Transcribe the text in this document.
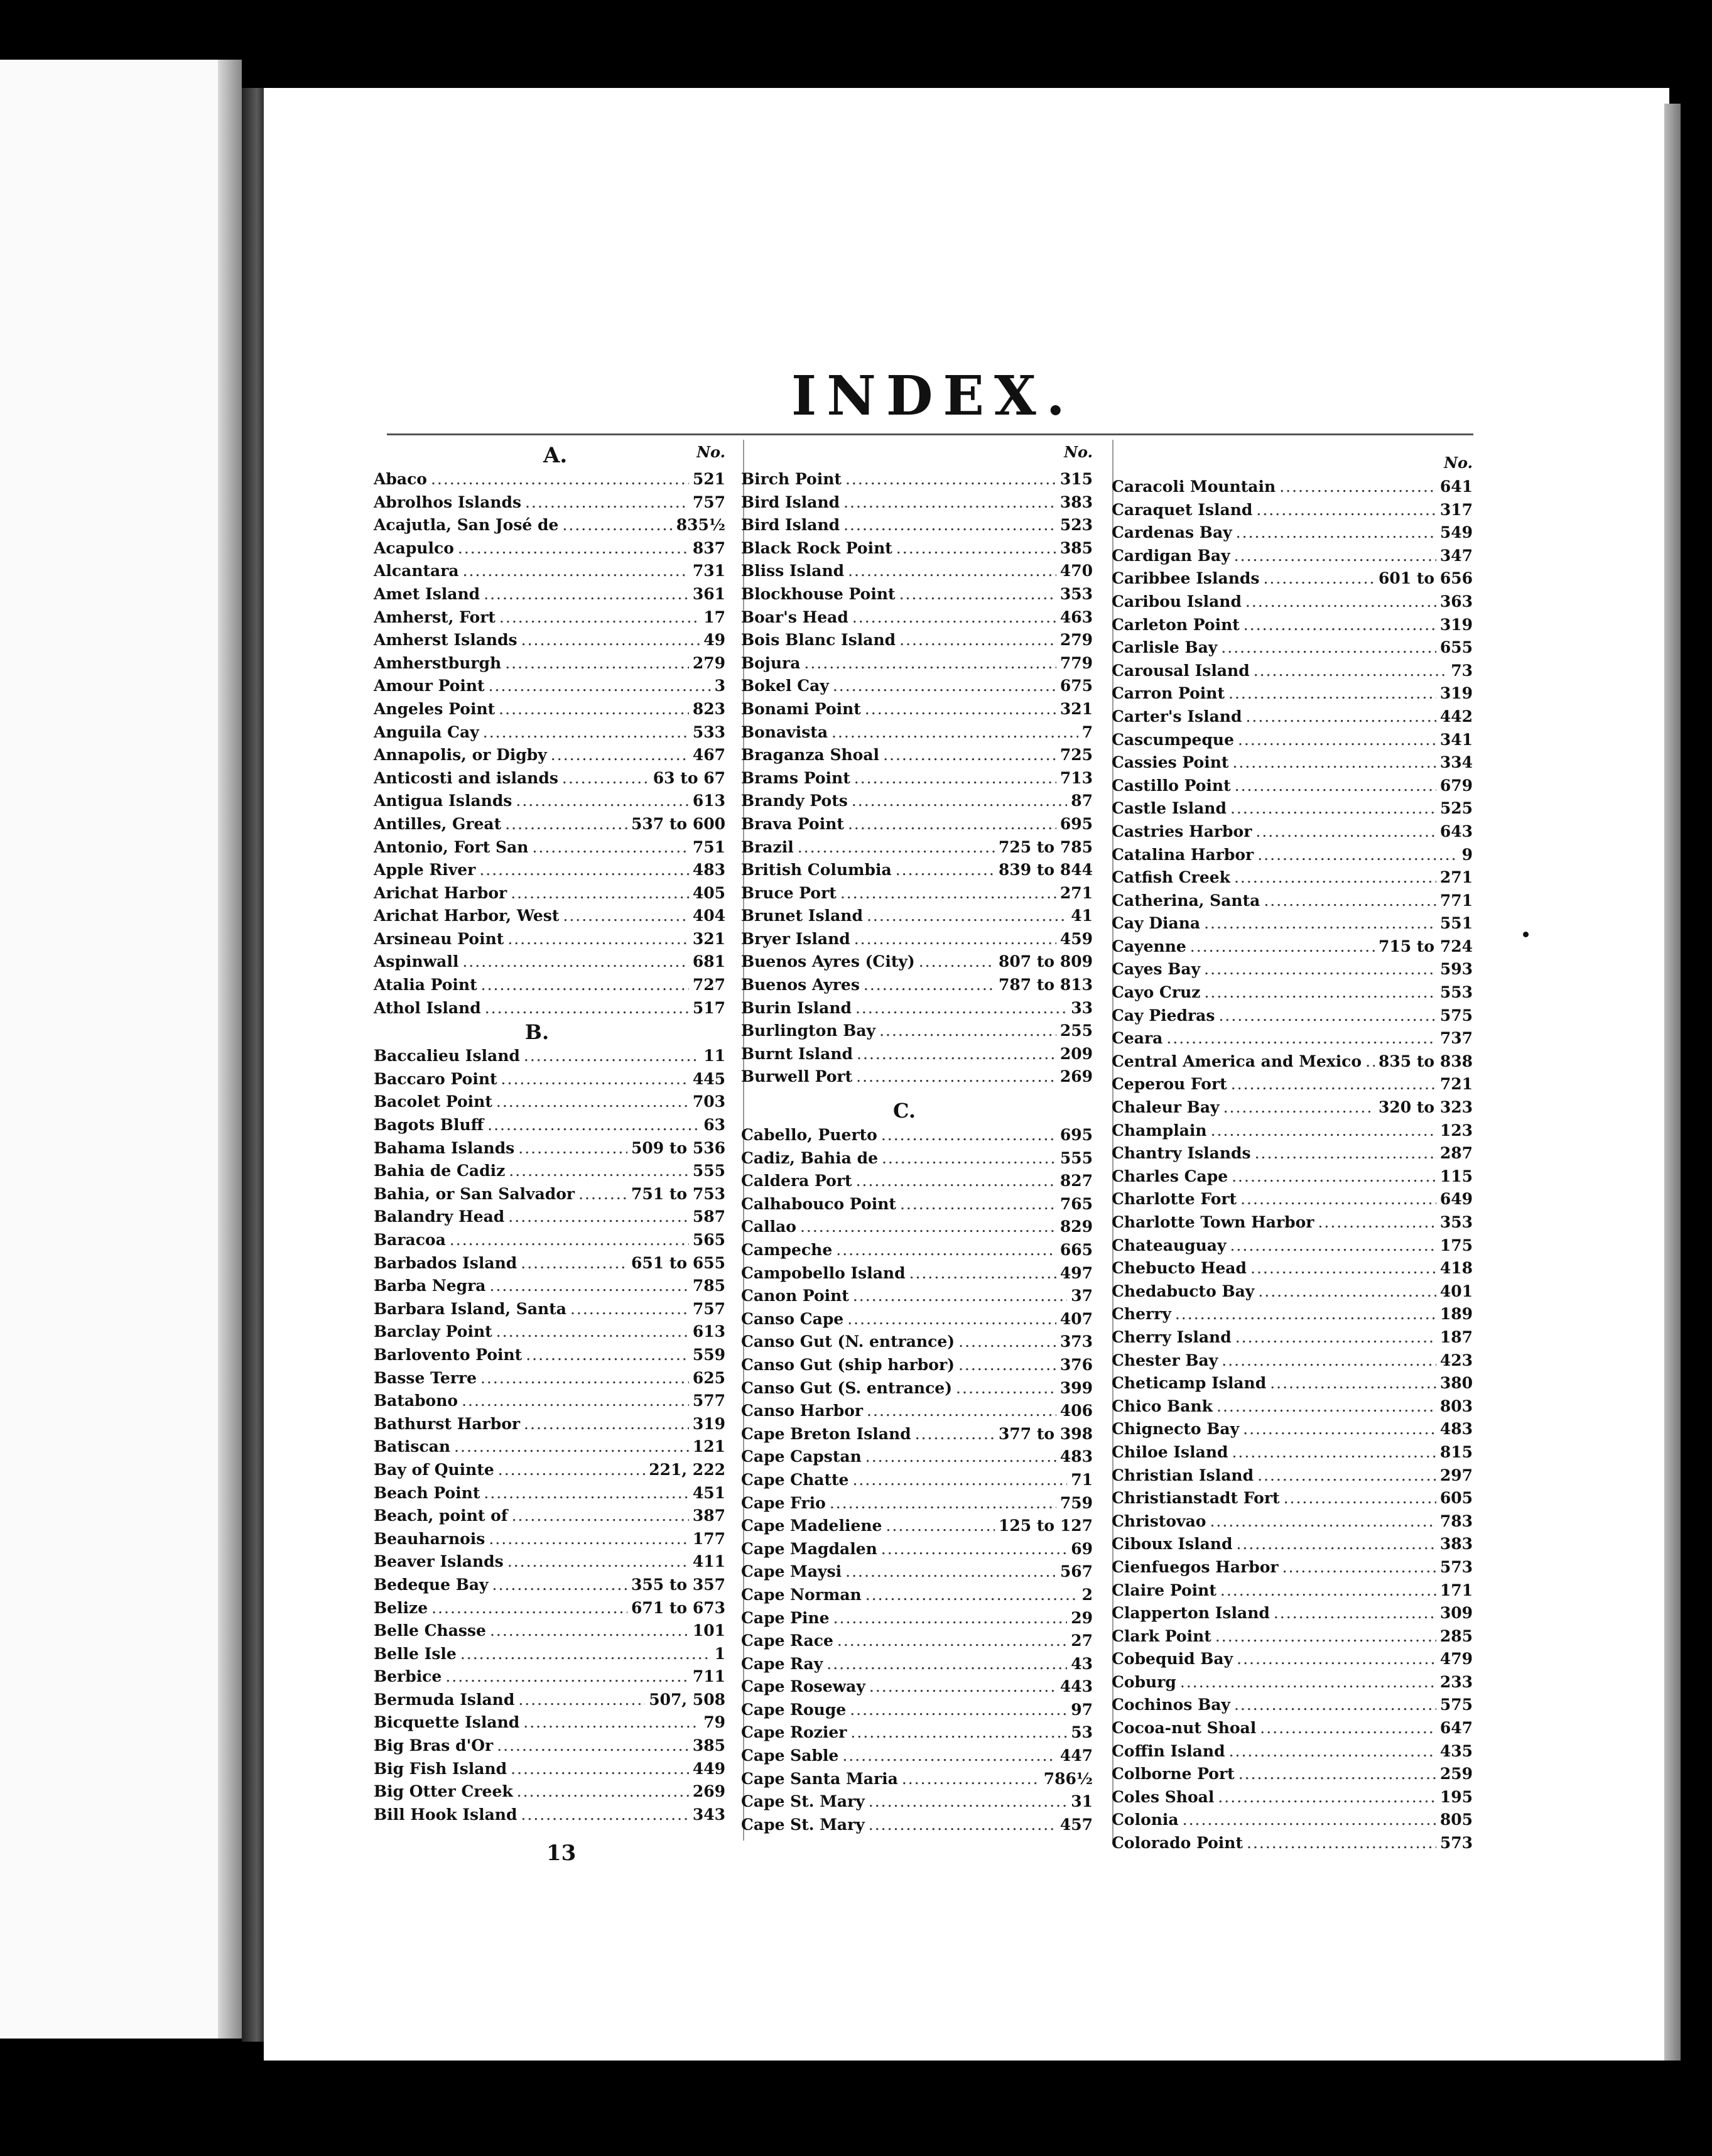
INDEX.
A.	No.
Abaco .....	521
Abrolhos Islands .....	757
Acajutla, San José de .....	835½
Acapulco .....	837
Alcantara .....	731
Amet Island .....	361
Amherst, Fort .....	17
Amherst Islands .....	49
Amherstburgh .....	279
Amour Point .....	3
Angeles Point .....	823
Anguila Cay .....	533
Annapolis, or Digby .....	467
Anticosti and islands .....	63 to 67
Antigua Islands .....	613
Antilles, Great .....	537 to 600
Antonio, Fort San .....	751
Apple River .....	483
Arichat Harbor .....	405
Arichat Harbor, West .....	404
Arsineau Point .....	321
Aspinwall .....	681
Atalia Point .....	727
Athol Island .....	517
B.
Baccalieu Island .....	11
Baccaro Point .....	445
Bacolet Point .....	703
Bagots Bluff .....	63
Bahama Islands .....	509 to 536
Bahia de Cadiz .....	555
Bahia, or San Salvador .....	751 to 753
Balandry Head .....	587
Baracoa .....	565
Barbados Island .....	651 to 655
Barba Negra .....	785
Barbara Island, Santa .....	757
Barclay Point .....	613
Barlovento Point .....	559
Basse Terre .....	625
Batabono .....	577
Bathurst Harbor .....	319
Batiscan .....	121
Bay of Quinte .....	221, 222
Beach Point .....	451
Beach, point of .....	387
Beauharnois .....	177
Beaver Islands .....	411
Bedeque Bay .....	355 to 357
Belize .....	671 to 673
Belle Chasse .....	101
Belle Isle .....	1
Berbice .....	711
Bermuda Island .....	507, 508
Bicquette Island .....	79
Big Bras d'Or .....	385
Big Fish Island .....	449
Big Otter Creek .....	269
Bill Hook Island .....	343
No.
Birch Point .....	315
Bird Island .....	383
Bird Island .....	523
Black Rock Point .....	385
Bliss Island .....	470
Blockhouse Point .....	353
Boar's Head .....	463
Bois Blanc Island .....	279
Bojura .....	779
Bokel Cay .....	675
Bonami Point .....	321
Bonavista .....	7
Braganza Shoal .....	725
Brams Point .....	713
Brandy Pots .....	87
Brava Point .....	695
Brazil .....	725 to 785
British Columbia .....	839 to 844
Bruce Port .....	271
Brunet Island .....	41
Bryer Island .....	459
Buenos Ayres (City) .....	807 to 809
Buenos Ayres .....	787 to 813
Burin Island .....	33
Burlington Bay .....	255
Burnt Island .....	209
Burwell Port .....	269
C.
Cabello, Puerto .....	695
Cadiz, Bahia de .....	555
Caldera Port .....	827
Calhabouco Point .....	765
Callao .....	829
Campeche .....	665
Campobello Island .....	497
Canon Point .....	37
Canso Cape .....	407
Canso Gut (N. entrance) .....	373
Canso Gut (ship harbor) .....	376
Canso Gut (S. entrance) .....	399
Canso Harbor .....	406
Cape Breton Island .....	377 to 398
Cape Capstan .....	483
Cape Chatte .....	71
Cape Frio .....	759
Cape Madeliene .....	125 to 127
Cape Magdalen .....	69
Cape Maysi .....	567
Cape Norman .....	2
Cape Pine .....	29
Cape Race .....	27
Cape Ray .....	43
Cape Roseway .....	443
Cape Rouge .....	97
Cape Rozier .....	53
Cape Sable .....	447
Cape Santa Maria .....	786½
Cape St. Mary .....	31
Cape St. Mary .....	457
No.
Caracoli Mountain .....	641
Caraquet Island .....	317
Cardenas Bay .....	549
Cardigan Bay .....	347
Caribbee Islands .....	601 to 656
Caribou Island .....	363
Carleton Point .....	319
Carlisle Bay .....	655
Carousal Island .....	73
Carron Point .....	319
Carter's Island .....	442
Cascumpeque .....	341
Cassies Point .....	334
Castillo Point .....	679
Castle Island .....	525
Castries Harbor .....	643
Catalina Harbor .....	9
Catfish Creek .....	271
Catherina, Santa .....	771
Cay Diana .....	551
Cayenne .....	715 to 724
Cayes Bay .....	593
Cayo Cruz .....	553
Cay Piedras .....	575
Ceara .....	737
Central America and Mexico ..... 835 to 838
Ceperou Fort .....	721
Chaleur Bay .....	320 to 323
Champlain .....	123
Chantry Islands .....	287
Charles Cape .....	115
Charlotte Fort .....	649
Charlotte Town Harbor .....	353
Chateauguay .....	175
Chebucto Head .....	418
Chedabucto Bay .....	401
Cherry .....	189
Cherry Island .....	187
Chester Bay .....	423
Cheticamp Island .....	380
Chico Bank .....	803
Chignecto Bay .....	483
Chiloe Island .....	815
Christian Island .....	297
Christianstadt Fort .....	605
Christovao .....	783
Ciboux Island .....	383
Cienfuegos Harbor .....	573
Claire Point .....	171
Clapperton Island .....	309
Clark Point .....	285
Cobequid Bay .....	479
Coburg .....	233
Cochinos Bay .....	575
Cocoa-nut Shoal .....	647
Coffin Island .....	435
Colborne Port .....	259
Coles Shoal .....	195
Colonia .....	805
Colorado Point .....	573
13
